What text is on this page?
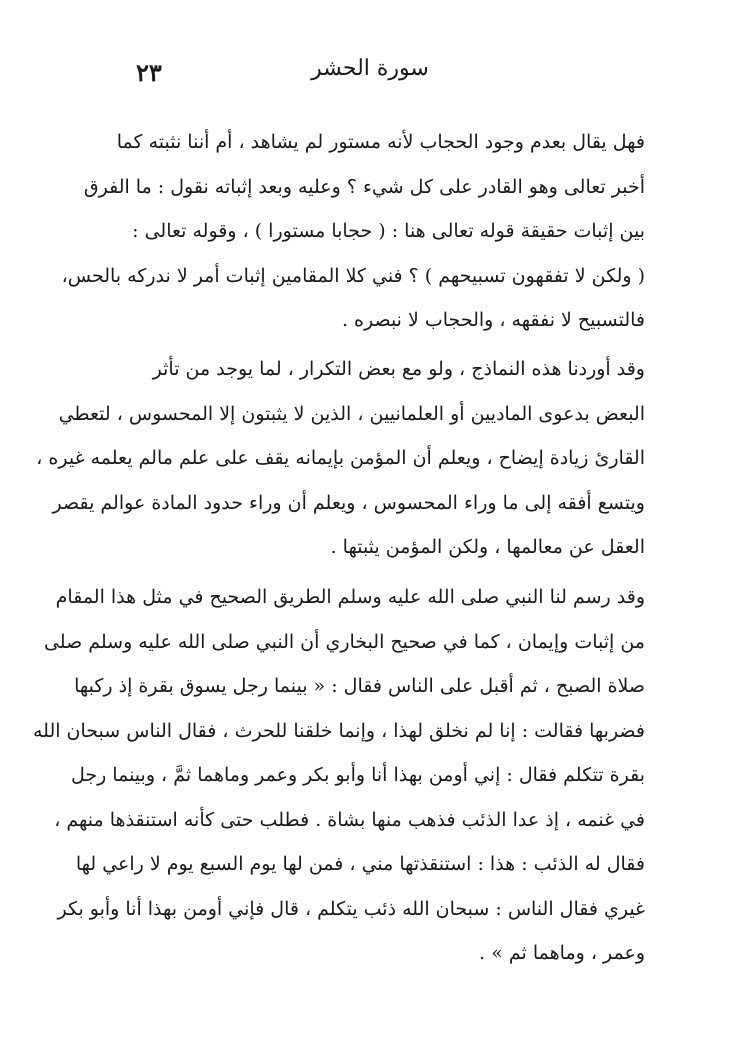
٢٣	سورة الحشر
فهل يقال بعدم وجود الحجاب لأنه مستور لم يشاهد ، أم أننا نثبته كما
أخبر تعالى وهو القادر على كل شيء ؟ وعليه وبعد إثباته نقول : ما الفرق
بين إثبات حقيقة قوله تعالى هنا : ( حجابا مستورا ) ، وقوله تعالى :
( ولكن لا تفقهون تسبيحهم ) ؟ فني كلا المقامين إثبات أمر لا ندركه بالحس،
فالتسبيح لا نفقهه ، والحجاب لا نبصره .
وقد أوردنا هذه النماذج ، ولو مع بعض التكرار ، لما يوجد من تأثر
البعض بدعوى الماديين أو العلمانيين ، الذين لا يثبتون إلا المحسوس ، لتعطي
القارئ زيادة إيضاح ، ويعلم أن المؤمن بإيمانه يقف على علم مالم يعلمه غيره ،
ويتسع أفقه إلى ما وراء المحسوس ، ويعلم أن وراء حدود المادة عوالم يقصر
العقل عن معالمها ، ولكن المؤمن يثبتها .
وقد رسم لنا النبي صلى الله عليه وسلم الطريق الصحيح في مثل هذا المقام
من إثبات وإيمان ، كما في صحيح البخاري أن النبي صلى الله عليه وسلم صلى
صلاة الصبح ، ثم أقبل على الناس فقال : « بينما رجل يسوق بقرة إذ ركبها
فضربها فقالت : إنا لم نخلق لهذا ، وإنما خلقنا للحرث ، فقال الناس سبحان الله
بقرة تتكلم فقال : إني أومن بهذا أنا وأبو بكر وعمر وماهما ثمَّ ، وبينما رجل
في غنمه ، إذ عدا الذئب فذهب منها بشاة . فطلب حتى كأنه استنقذها منهم ،
فقال له الذئب : هذا : استنقذتها مني ، فمن لها يوم السبع يوم لا راعي لها
غيري فقال الناس : سبحان الله ذئب يتكلم ، قال فإني أومن بهذا أنا وأبو بكر
وعمر ، وماهما ثم » .
